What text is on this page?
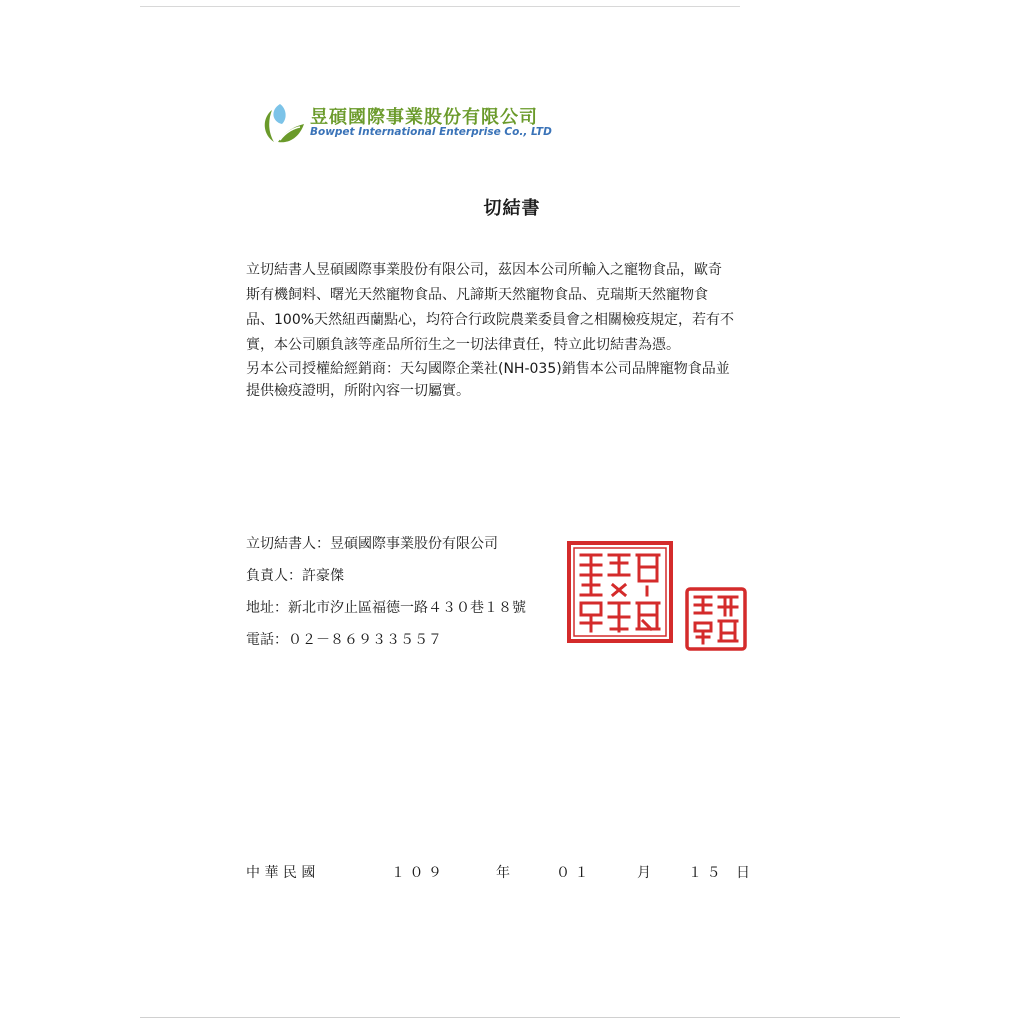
昱碩國際事業股份有限公司
Bowpet International Enterprise Co., LTD
切結書
立切結書人昱碩國際事業股份有限公司，茲因本公司所輸入之寵物食品，歐奇
斯有機飼料、曙光天然寵物食品、凡諦斯天然寵物食品、克瑞斯天然寵物食
品、100%天然紐西蘭點心，均符合行政院農業委員會之相關檢疫規定，若有不
實，本公司願負該等產品所衍生之一切法律責任，特立此切結書為憑。
另本公司授權給經銷商：天勾國際企業社(NH-035)銷售本公司品牌寵物食品並
提供檢疫證明，所附內容一切屬實。
立切結書人：昱碩國際事業股份有限公司
負責人：許豪傑
地址：新北市汐止區福德一路４３０巷１８號
電話：０２－８６９３３５５７
中 華 民 國	１ ０ ９	年	０ １	月	１ ５ 日
